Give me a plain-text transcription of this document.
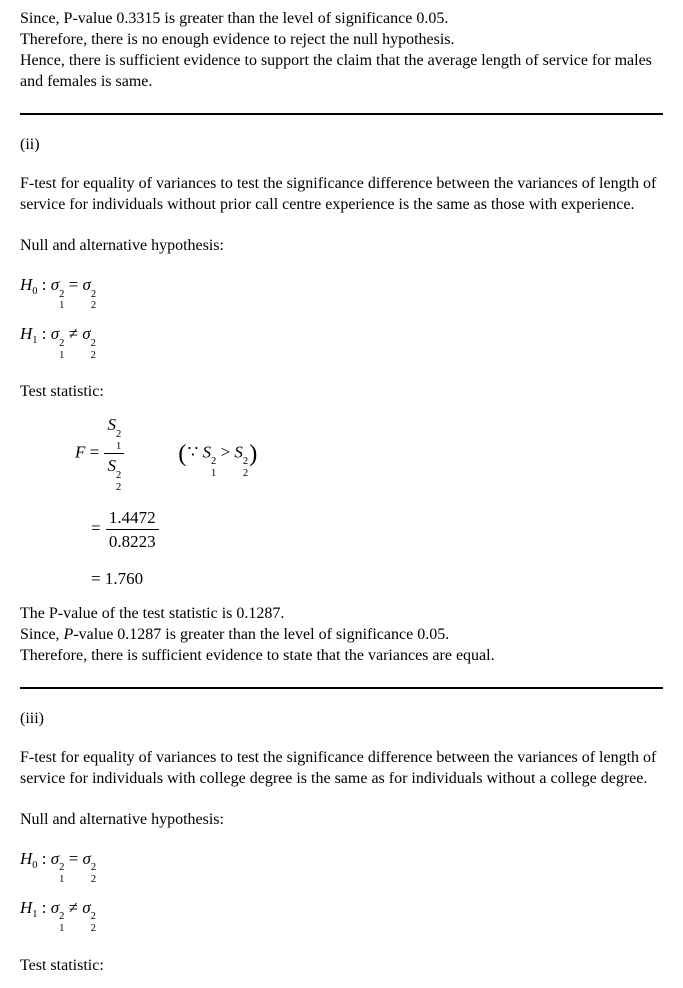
Since, P-value 0.3315 is greater than the level of significance 0.05.
Therefore, there is no enough evidence to reject the null hypothesis.
Hence, there is sufficient evidence to support the claim that the average length of service for males and females is same.
(ii)
F-test for equality of variances to test the significance difference between the variances of length of service for individuals without prior call centre experience is the same as those with experience.
Null and alternative hypothesis:
$H_0$ : σ
2
1
= σ
2
2
$H_1$ : σ
2
1
≠ σ
2
2
Test statistic:
F = S
2
1
S
2
2 (∵ S
2
1
> S
2
2
)
= $\frac{1.4472}{0.8223}$
= 1.760
The P-value of the test statistic is 0.1287.
Since, P-value 0.1287 is greater than the level of significance 0.05.
Therefore, there is sufficient evidence to state that the variances are equal.
(iii)
F-test for equality of variances to test the significance difference between the variances of length of service for individuals with college degree is the same as for individuals without a college degree.
Null and alternative hypothesis:
$H_0$ : σ
2
1
= σ
2
2
$H_1$ : σ
2
1
≠ σ
2
2
Test statistic:
